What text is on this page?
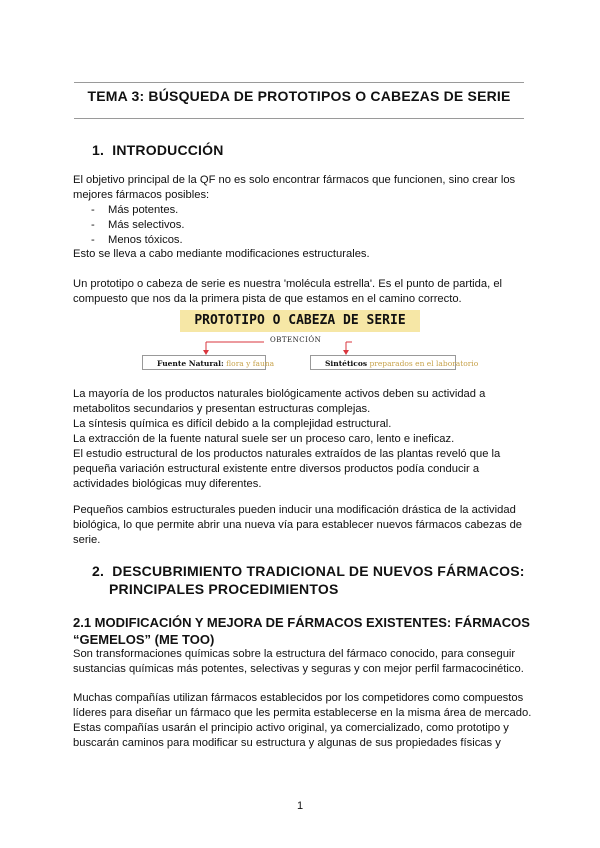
TEMA 3: BÚSQUEDA DE PROTOTIPOS O CABEZAS DE SERIE
1. INTRODUCCIÓN
El objetivo principal de la QF no es solo encontrar fármacos que funcionen, sino crear los
mejores fármacos posibles:
- Más potentes.
- Más selectivos.
- Menos tóxicos.
Esto se lleva a cabo mediante modificaciones estructurales.
Un prototipo o cabeza de serie es nuestra 'molécula estrella'. Es el punto de partida, el
compuesto que nos da la primera pista de que estamos en el camino correcto.
PROTOTIPO O CABEZA DE SERIE
OBTENCIÓN
Fuente Natural: flora y fauna	Sintéticos preparados en el laboratorio
La mayoría de los productos naturales biológicamente activos deben su actividad a
metabolitos secundarios y presentan estructuras complejas.
La síntesis química es difícil debido a la complejidad estructural.
La extracción de la fuente natural suele ser un proceso caro, lento e ineficaz.
El estudio estructural de los productos naturales extraídos de las plantas reveló que la
pequeña variación estructural existente entre diversos productos podía conducir a
actividades biológicas muy diferentes.
Pequeños cambios estructurales pueden inducir una modificación drástica de la actividad
biológica, lo que permite abrir una nueva vía para establecer nuevos fármacos cabezas de
serie.
2. DESCUBRIMIENTO TRADICIONAL DE NUEVOS FÁRMACOS:
PRINCIPALES PROCEDIMIENTOS
2.1 MODIFICACIÓN Y MEJORA DE FÁRMACOS EXISTENTES: FÁRMACOS
“GEMELOS” (ME TOO)
Son transformaciones químicas sobre la estructura del fármaco conocido, para conseguir
sustancias químicas más potentes, selectivas y seguras y con mejor perfil farmacocinético.
Muchas compañías utilizan fármacos establecidos por los competidores como compuestos
líderes para diseñar un fármaco que les permita establecerse en la misma área de mercado.
Estas compañías usarán el principio activo original, ya comercializado, como prototipo y
buscarán caminos para modificar su estructura y algunas de sus propiedades físicas y
1
